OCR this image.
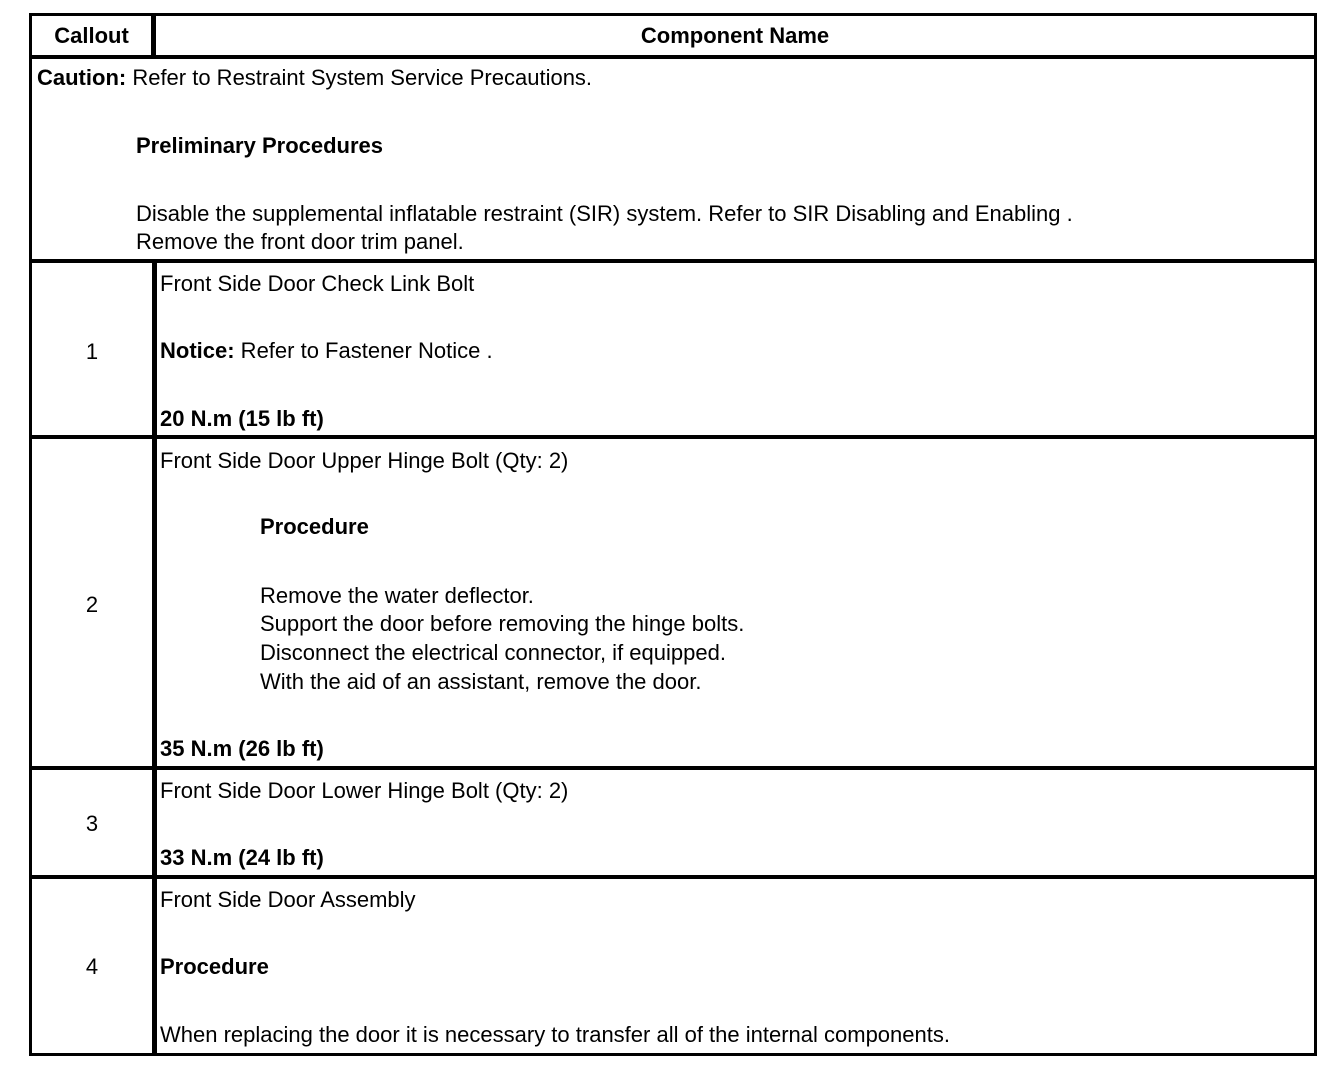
Callout	Component Name
Caution: Refer to Restraint System Service Precautions.
Preliminary Procedures
Disable the supplemental inflatable restraint (SIR) system. Refer to SIR Disabling and Enabling .
Remove the front door trim panel.
1
Front Side Door Check Link Bolt
Notice: Refer to Fastener Notice .
20 N.m (15 lb ft)
2
Front Side Door Upper Hinge Bolt (Qty: 2)
Procedure
Remove the water deflector.
Support the door before removing the hinge bolts.
Disconnect the electrical connector, if equipped.
With the aid of an assistant, remove the door.
35 N.m (26 lb ft)
3
Front Side Door Lower Hinge Bolt (Qty: 2)
33 N.m (24 lb ft)
4
Front Side Door Assembly
Procedure
When replacing the door it is necessary to transfer all of the internal components.
